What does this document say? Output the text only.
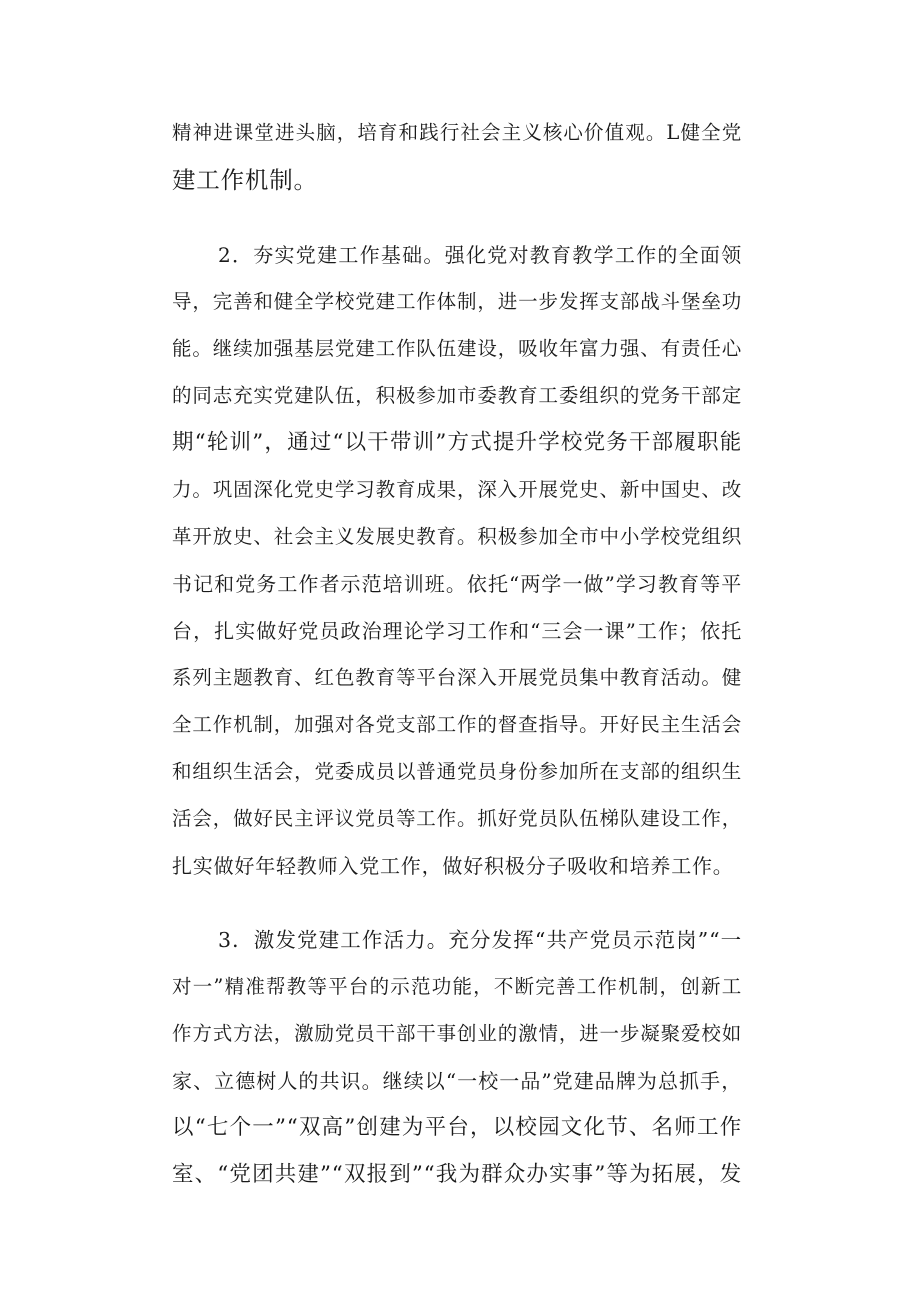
精神进课堂进头脑，培育和践行社会主义核心价值观。L健全党
建工作机制。
2．夯实党建工作基础。强化党对教育教学工作的全面领
导，完善和健全学校党建工作体制，进一步发挥支部战斗堡垒功
能。继续加强基层党建工作队伍建设，吸收年富力强、有责任心
的同志充实党建队伍，积极参加市委教育工委组织的党务干部定
期“轮训”，通过“以干带训”方式提升学校党务干部履职能
力。巩固深化党史学习教育成果，深入开展党史、新中国史、改
革开放史、社会主义发展史教育。积极参加全市中小学校党组织
书记和党务工作者示范培训班。依托“两学一做”学习教育等平
台，扎实做好党员政治理论学习工作和“三会一课”工作；依托
系列主题教育、红色教育等平台深入开展党员集中教育活动。健
全工作机制，加强对各党支部工作的督查指导。开好民主生活会
和组织生活会，党委成员以普通党员身份参加所在支部的组织生
活会，做好民主评议党员等工作。抓好党员队伍梯队建设工作，
扎实做好年轻教师入党工作，做好积极分子吸收和培养工作。
3．激发党建工作活力。充分发挥“共产党员示范岗”“一
对一”精准帮教等平台的示范功能，不断完善工作机制，创新工
作方式方法，激励党员干部干事创业的激情，进一步凝聚爱校如
家、立德树人的共识。继续以“一校一品”党建品牌为总抓手，
以“七个一”“双高”创建为平台，以校园文化节、名师工作
室、“党团共建”“双报到”“我为群众办实事”等为拓展，发
